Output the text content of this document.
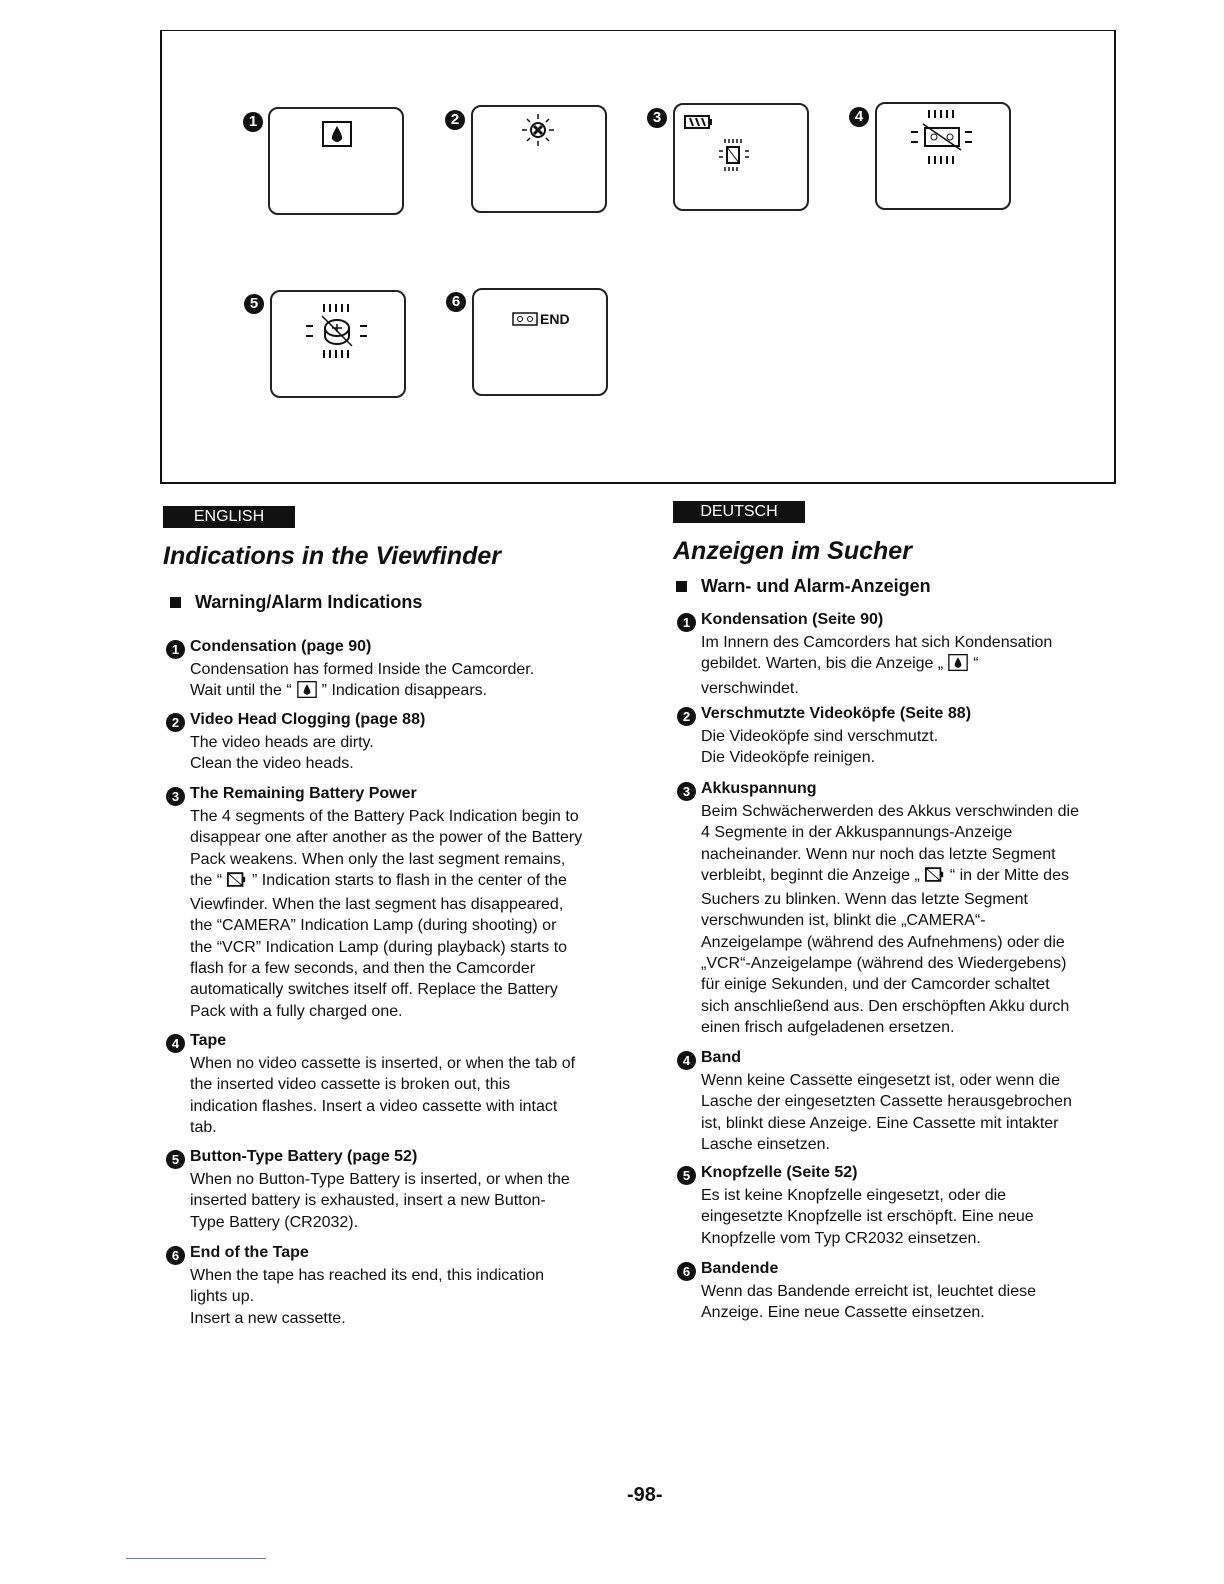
1	2	3	4
5	6
END
ENGLISH
Indications in the Viewfinder
Warning/Alarm Indications
DEUTSCH
Anzeigen im Sucher
Warn- und Alarm-Anzeigen
1 Condensation (page 90)
Condensation has formed Inside the Camcorder.
Wait until the “ ” Indication disappears.
2 Video Head Clogging (page 88)
The video heads are dirty.
Clean the video heads.
3 The Remaining Battery Power
The 4 segments of the Battery Pack Indication begin to
disappear one after another as the power of the Battery
Pack weakens. When only the last segment remains,
the “ ” Indication starts to flash in the center of the
Viewfinder. When the last segment has disappeared,
the “CAMERA” Indication Lamp (during shooting) or
the “VCR” Indication Lamp (during playback) starts to
flash for a few seconds, and then the Camcorder
automatically switches itself off. Replace the Battery
Pack with a fully charged one.
4 Tape
When no video cassette is inserted, or when the tab of
the inserted video cassette is broken out, this
indication flashes. Insert a video cassette with intact
tab.
5 Button-Type Battery (page 52)
When no Button-Type Battery is inserted, or when the
inserted battery is exhausted, insert a new Button-
Type Battery (CR2032).
6 End of the Tape
When the tape has reached its end, this indication
lights up.
Insert a new cassette.
1 Kondensation (Seite 90)
Im Innern des Camcorders hat sich Kondensation
gebildet. Warten, bis die Anzeige „ “
verschwindet.
2 Verschmutzte Videoköpfe (Seite 88)
Die Videoköpfe sind verschmutzt.
Die Videoköpfe reinigen.
3 Akkuspannung
Beim Schwächerwerden des Akkus verschwinden die
4 Segmente in der Akkuspannungs-Anzeige
nacheinander. Wenn nur noch das letzte Segment
verbleibt, beginnt die Anzeige „ “ in der Mitte des
Suchers zu blinken. Wenn das letzte Segment
verschwunden ist, blinkt die „CAMERA“-
Anzeigelampe (während des Aufnehmens) oder die
„VCR“-Anzeigelampe (während des Wiedergebens)
für einige Sekunden, und der Camcorder schaltet
sich anschließend aus. Den erschöpften Akku durch
einen frisch aufgeladenen ersetzen.
4 Band
Wenn keine Cassette eingesetzt ist, oder wenn die
Lasche der eingesetzten Cassette herausgebrochen
ist, blinkt diese Anzeige. Eine Cassette mit intakter
Lasche einsetzen.
5 Knopfzelle (Seite 52)
Es ist keine Knopfzelle eingesetzt, oder die
eingesetzte Knopfzelle ist erschöpft. Eine neue
Knopfzelle vom Typ CR2032 einsetzen.
6 Bandende
Wenn das Bandende erreicht ist, leuchtet diese
Anzeige. Eine neue Cassette einsetzen.
-98-
